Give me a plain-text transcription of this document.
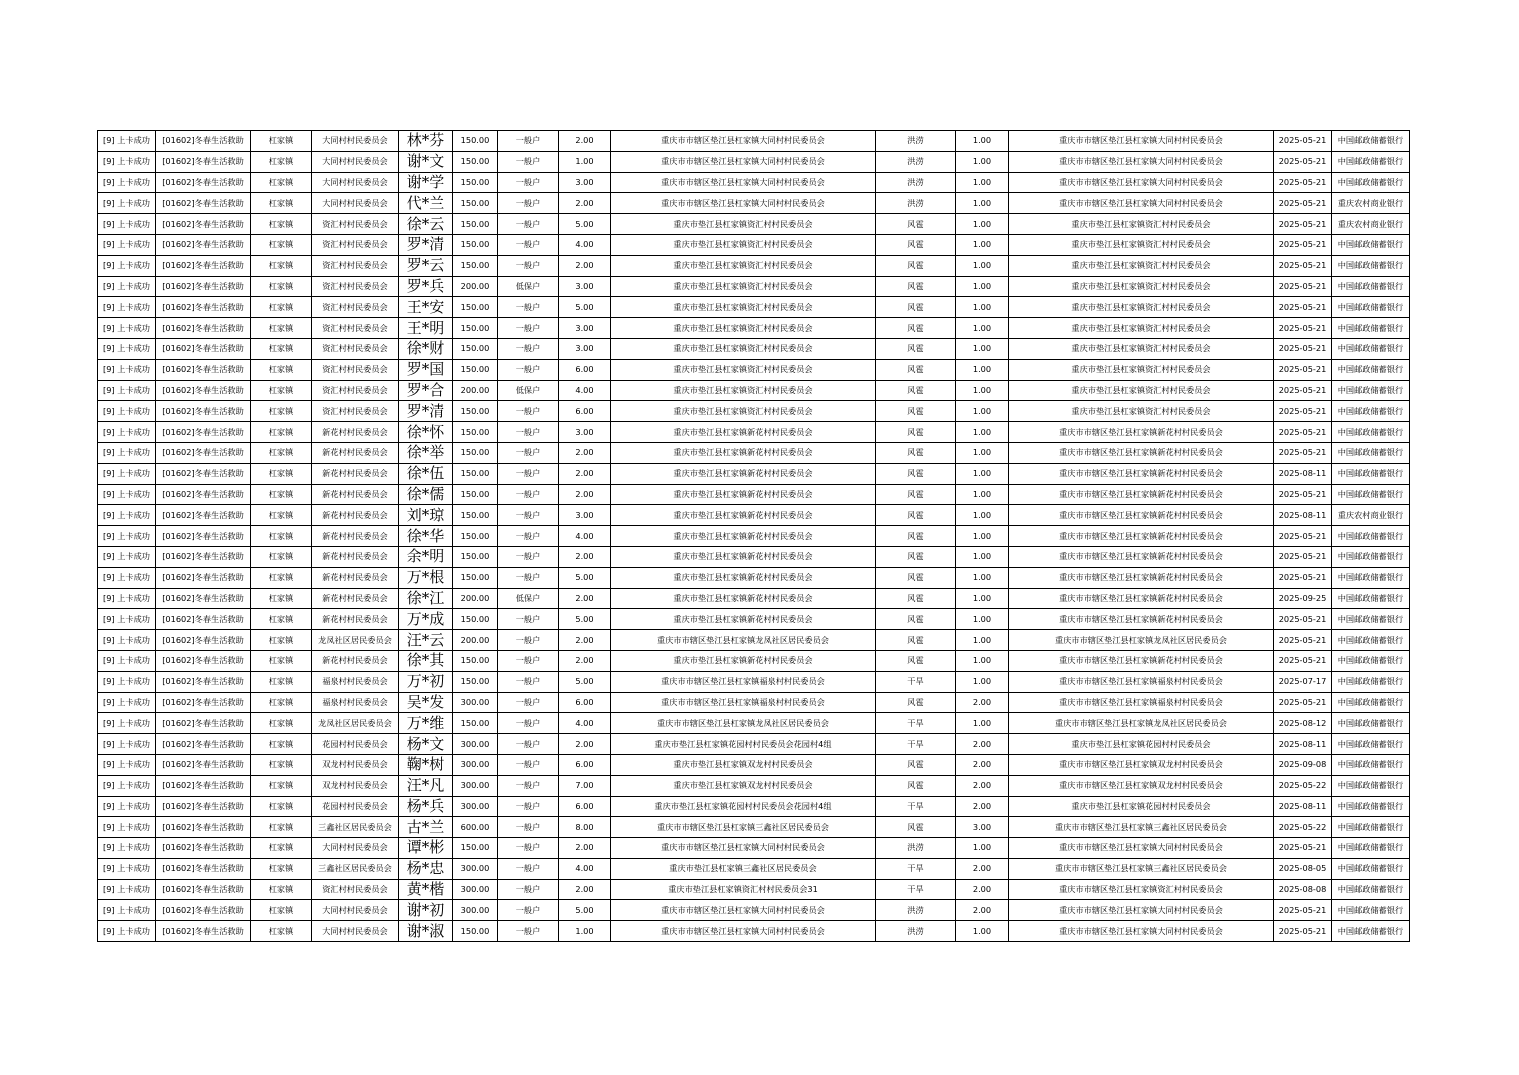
[9] 上卡成功	[01602]冬春生活救助	杠家镇	大同村村民委员会	林*芬	150.00	一般户	2.00	重庆市市辖区垫江县杠家镇大同村村民委员会	洪涝	1.00	重庆市市辖区垫江县杠家镇大同村村民委员会	2025-05-21	中国邮政储蓄银行
[9] 上卡成功	[01602]冬春生活救助	杠家镇	大同村村民委员会	谢*文	150.00	一般户	1.00	重庆市市辖区垫江县杠家镇大同村村民委员会	洪涝	1.00	重庆市市辖区垫江县杠家镇大同村村民委员会	2025-05-21	中国邮政储蓄银行
[9] 上卡成功	[01602]冬春生活救助	杠家镇	大同村村民委员会	谢*学	150.00	一般户	3.00	重庆市市辖区垫江县杠家镇大同村村民委员会	洪涝	1.00	重庆市市辖区垫江县杠家镇大同村村民委员会	2025-05-21	中国邮政储蓄银行
[9] 上卡成功	[01602]冬春生活救助	杠家镇	大同村村民委员会	代*兰	150.00	一般户	2.00	重庆市市辖区垫江县杠家镇大同村村民委员会	洪涝	1.00	重庆市市辖区垫江县杠家镇大同村村民委员会	2025-05-21	重庆农村商业银行
[9] 上卡成功	[01602]冬春生活救助	杠家镇	资汇村村民委员会	徐*云	150.00	一般户	5.00	重庆市垫江县杠家镇资汇村村民委员会	风雹	1.00	重庆市垫江县杠家镇资汇村村民委员会	2025-05-21	重庆农村商业银行
[9] 上卡成功	[01602]冬春生活救助	杠家镇	资汇村村民委员会	罗*清	150.00	一般户	4.00	重庆市垫江县杠家镇资汇村村民委员会	风雹	1.00	重庆市垫江县杠家镇资汇村村民委员会	2025-05-21	中国邮政储蓄银行
[9] 上卡成功	[01602]冬春生活救助	杠家镇	资汇村村民委员会	罗*云	150.00	一般户	2.00	重庆市垫江县杠家镇资汇村村民委员会	风雹	1.00	重庆市垫江县杠家镇资汇村村民委员会	2025-05-21	中国邮政储蓄银行
[9] 上卡成功	[01602]冬春生活救助	杠家镇	资汇村村民委员会	罗*兵	200.00	低保户	3.00	重庆市垫江县杠家镇资汇村村民委员会	风雹	1.00	重庆市垫江县杠家镇资汇村村民委员会	2025-05-21	中国邮政储蓄银行
[9] 上卡成功	[01602]冬春生活救助	杠家镇	资汇村村民委员会	王*安	150.00	一般户	5.00	重庆市垫江县杠家镇资汇村村民委员会	风雹	1.00	重庆市垫江县杠家镇资汇村村民委员会	2025-05-21	中国邮政储蓄银行
[9] 上卡成功	[01602]冬春生活救助	杠家镇	资汇村村民委员会	王*明	150.00	一般户	3.00	重庆市垫江县杠家镇资汇村村民委员会	风雹	1.00	重庆市垫江县杠家镇资汇村村民委员会	2025-05-21	中国邮政储蓄银行
[9] 上卡成功	[01602]冬春生活救助	杠家镇	资汇村村民委员会	徐*财	150.00	一般户	3.00	重庆市垫江县杠家镇资汇村村民委员会	风雹	1.00	重庆市垫江县杠家镇资汇村村民委员会	2025-05-21	中国邮政储蓄银行
[9] 上卡成功	[01602]冬春生活救助	杠家镇	资汇村村民委员会	罗*国	150.00	一般户	6.00	重庆市垫江县杠家镇资汇村村民委员会	风雹	1.00	重庆市垫江县杠家镇资汇村村民委员会	2025-05-21	中国邮政储蓄银行
[9] 上卡成功	[01602]冬春生活救助	杠家镇	资汇村村民委员会	罗*合	200.00	低保户	4.00	重庆市垫江县杠家镇资汇村村民委员会	风雹	1.00	重庆市垫江县杠家镇资汇村村民委员会	2025-05-21	中国邮政储蓄银行
[9] 上卡成功	[01602]冬春生活救助	杠家镇	资汇村村民委员会	罗*清	150.00	一般户	6.00	重庆市垫江县杠家镇资汇村村民委员会	风雹	1.00	重庆市垫江县杠家镇资汇村村民委员会	2025-05-21	中国邮政储蓄银行
[9] 上卡成功	[01602]冬春生活救助	杠家镇	新花村村民委员会	徐*怀	150.00	一般户	3.00	重庆市垫江县杠家镇新花村村民委员会	风雹	1.00	重庆市市辖区垫江县杠家镇新花村村民委员会	2025-05-21	中国邮政储蓄银行
[9] 上卡成功	[01602]冬春生活救助	杠家镇	新花村村民委员会	徐*举	150.00	一般户	2.00	重庆市垫江县杠家镇新花村村民委员会	风雹	1.00	重庆市市辖区垫江县杠家镇新花村村民委员会	2025-05-21	中国邮政储蓄银行
[9] 上卡成功	[01602]冬春生活救助	杠家镇	新花村村民委员会	徐*伍	150.00	一般户	2.00	重庆市垫江县杠家镇新花村村民委员会	风雹	1.00	重庆市市辖区垫江县杠家镇新花村村民委员会	2025-08-11	中国邮政储蓄银行
[9] 上卡成功	[01602]冬春生活救助	杠家镇	新花村村民委员会	徐*儒	150.00	一般户	2.00	重庆市垫江县杠家镇新花村村民委员会	风雹	1.00	重庆市市辖区垫江县杠家镇新花村村民委员会	2025-05-21	中国邮政储蓄银行
[9] 上卡成功	[01602]冬春生活救助	杠家镇	新花村村民委员会	刘*琼	150.00	一般户	3.00	重庆市垫江县杠家镇新花村村民委员会	风雹	1.00	重庆市市辖区垫江县杠家镇新花村村民委员会	2025-08-11	重庆农村商业银行
[9] 上卡成功	[01602]冬春生活救助	杠家镇	新花村村民委员会	徐*华	150.00	一般户	4.00	重庆市垫江县杠家镇新花村村民委员会	风雹	1.00	重庆市市辖区垫江县杠家镇新花村村民委员会	2025-05-21	中国邮政储蓄银行
[9] 上卡成功	[01602]冬春生活救助	杠家镇	新花村村民委员会	余*明	150.00	一般户	2.00	重庆市垫江县杠家镇新花村村民委员会	风雹	1.00	重庆市市辖区垫江县杠家镇新花村村民委员会	2025-05-21	中国邮政储蓄银行
[9] 上卡成功	[01602]冬春生活救助	杠家镇	新花村村民委员会	万*根	150.00	一般户	5.00	重庆市垫江县杠家镇新花村村民委员会	风雹	1.00	重庆市市辖区垫江县杠家镇新花村村民委员会	2025-05-21	中国邮政储蓄银行
[9] 上卡成功	[01602]冬春生活救助	杠家镇	新花村村民委员会	徐*江	200.00	低保户	2.00	重庆市垫江县杠家镇新花村村民委员会	风雹	1.00	重庆市市辖区垫江县杠家镇新花村村民委员会	2025-09-25	中国邮政储蓄银行
[9] 上卡成功	[01602]冬春生活救助	杠家镇	新花村村民委员会	万*成	150.00	一般户	5.00	重庆市垫江县杠家镇新花村村民委员会	风雹	1.00	重庆市市辖区垫江县杠家镇新花村村民委员会	2025-05-21	中国邮政储蓄银行
[9] 上卡成功	[01602]冬春生活救助	杠家镇	龙凤社区居民委员会	汪*云	200.00	一般户	2.00	重庆市市辖区垫江县杠家镇龙凤社区居民委员会	风雹	1.00	重庆市市辖区垫江县杠家镇龙凤社区居民委员会	2025-05-21	中国邮政储蓄银行
[9] 上卡成功	[01602]冬春生活救助	杠家镇	新花村村民委员会	徐*其	150.00	一般户	2.00	重庆市垫江县杠家镇新花村村民委员会	风雹	1.00	重庆市市辖区垫江县杠家镇新花村村民委员会	2025-05-21	中国邮政储蓄银行
[9] 上卡成功	[01602]冬春生活救助	杠家镇	福泉村村民委员会	万*初	150.00	一般户	5.00	重庆市市辖区垫江县杠家镇福泉村村民委员会	干旱	1.00	重庆市市辖区垫江县杠家镇福泉村村民委员会	2025-07-17	中国邮政储蓄银行
[9] 上卡成功	[01602]冬春生活救助	杠家镇	福泉村村民委员会	吴*发	300.00	一般户	6.00	重庆市市辖区垫江县杠家镇福泉村村民委员会	风雹	2.00	重庆市市辖区垫江县杠家镇福泉村村民委员会	2025-05-21	中国邮政储蓄银行
[9] 上卡成功	[01602]冬春生活救助	杠家镇	龙凤社区居民委员会	万*维	150.00	一般户	4.00	重庆市市辖区垫江县杠家镇龙凤社区居民委员会	干旱	1.00	重庆市市辖区垫江县杠家镇龙凤社区居民委员会	2025-08-12	中国邮政储蓄银行
[9] 上卡成功	[01602]冬春生活救助	杠家镇	花园村村民委员会	杨*文	300.00	一般户	2.00	重庆市垫江县杠家镇花园村村民委员会花园村4组	干旱	2.00	重庆市垫江县杠家镇花园村村民委员会	2025-08-11	中国邮政储蓄银行
[9] 上卡成功	[01602]冬春生活救助	杠家镇	双龙村村民委员会	鞠*树	300.00	一般户	6.00	重庆市垫江县杠家镇双龙村村民委员会	风雹	2.00	重庆市市辖区垫江县杠家镇双龙村村民委员会	2025-09-08	中国邮政储蓄银行
[9] 上卡成功	[01602]冬春生活救助	杠家镇	双龙村村民委员会	汪*凡	300.00	一般户	7.00	重庆市垫江县杠家镇双龙村村民委员会	风雹	2.00	重庆市市辖区垫江县杠家镇双龙村村民委员会	2025-05-22	中国邮政储蓄银行
[9] 上卡成功	[01602]冬春生活救助	杠家镇	花园村村民委员会	杨*兵	300.00	一般户	6.00	重庆市垫江县杠家镇花园村村民委员会花园村4组	干旱	2.00	重庆市垫江县杠家镇花园村村民委员会	2025-08-11	中国邮政储蓄银行
[9] 上卡成功	[01602]冬春生活救助	杠家镇	三鑫社区居民委员会	古*兰	600.00	一般户	8.00	重庆市市辖区垫江县杠家镇三鑫社区居民委员会	风雹	3.00	重庆市市辖区垫江县杠家镇三鑫社区居民委员会	2025-05-22	中国邮政储蓄银行
[9] 上卡成功	[01602]冬春生活救助	杠家镇	大同村村民委员会	谭*彬	150.00	一般户	2.00	重庆市市辖区垫江县杠家镇大同村村民委员会	洪涝	1.00	重庆市市辖区垫江县杠家镇大同村村民委员会	2025-05-21	中国邮政储蓄银行
[9] 上卡成功	[01602]冬春生活救助	杠家镇	三鑫社区居民委员会	杨*忠	300.00	一般户	4.00	重庆市垫江县杠家镇三鑫社区居民委员会	干旱	2.00	重庆市市辖区垫江县杠家镇三鑫社区居民委员会	2025-08-05	中国邮政储蓄银行
[9] 上卡成功	[01602]冬春生活救助	杠家镇	资汇村村民委员会	黄*楷	300.00	一般户	2.00	重庆市垫江县杠家镇资汇村村民委员会31	干旱	2.00	重庆市市辖区垫江县杠家镇资汇村村民委员会	2025-08-08	中国邮政储蓄银行
[9] 上卡成功	[01602]冬春生活救助	杠家镇	大同村村民委员会	谢*初	300.00	一般户	5.00	重庆市市辖区垫江县杠家镇大同村村民委员会	洪涝	2.00	重庆市市辖区垫江县杠家镇大同村村民委员会	2025-05-21	中国邮政储蓄银行
[9] 上卡成功	[01602]冬春生活救助	杠家镇	大同村村民委员会	谢*淑	150.00	一般户	1.00	重庆市市辖区垫江县杠家镇大同村村民委员会	洪涝	1.00	重庆市市辖区垫江县杠家镇大同村村民委员会	2025-05-21	中国邮政储蓄银行
